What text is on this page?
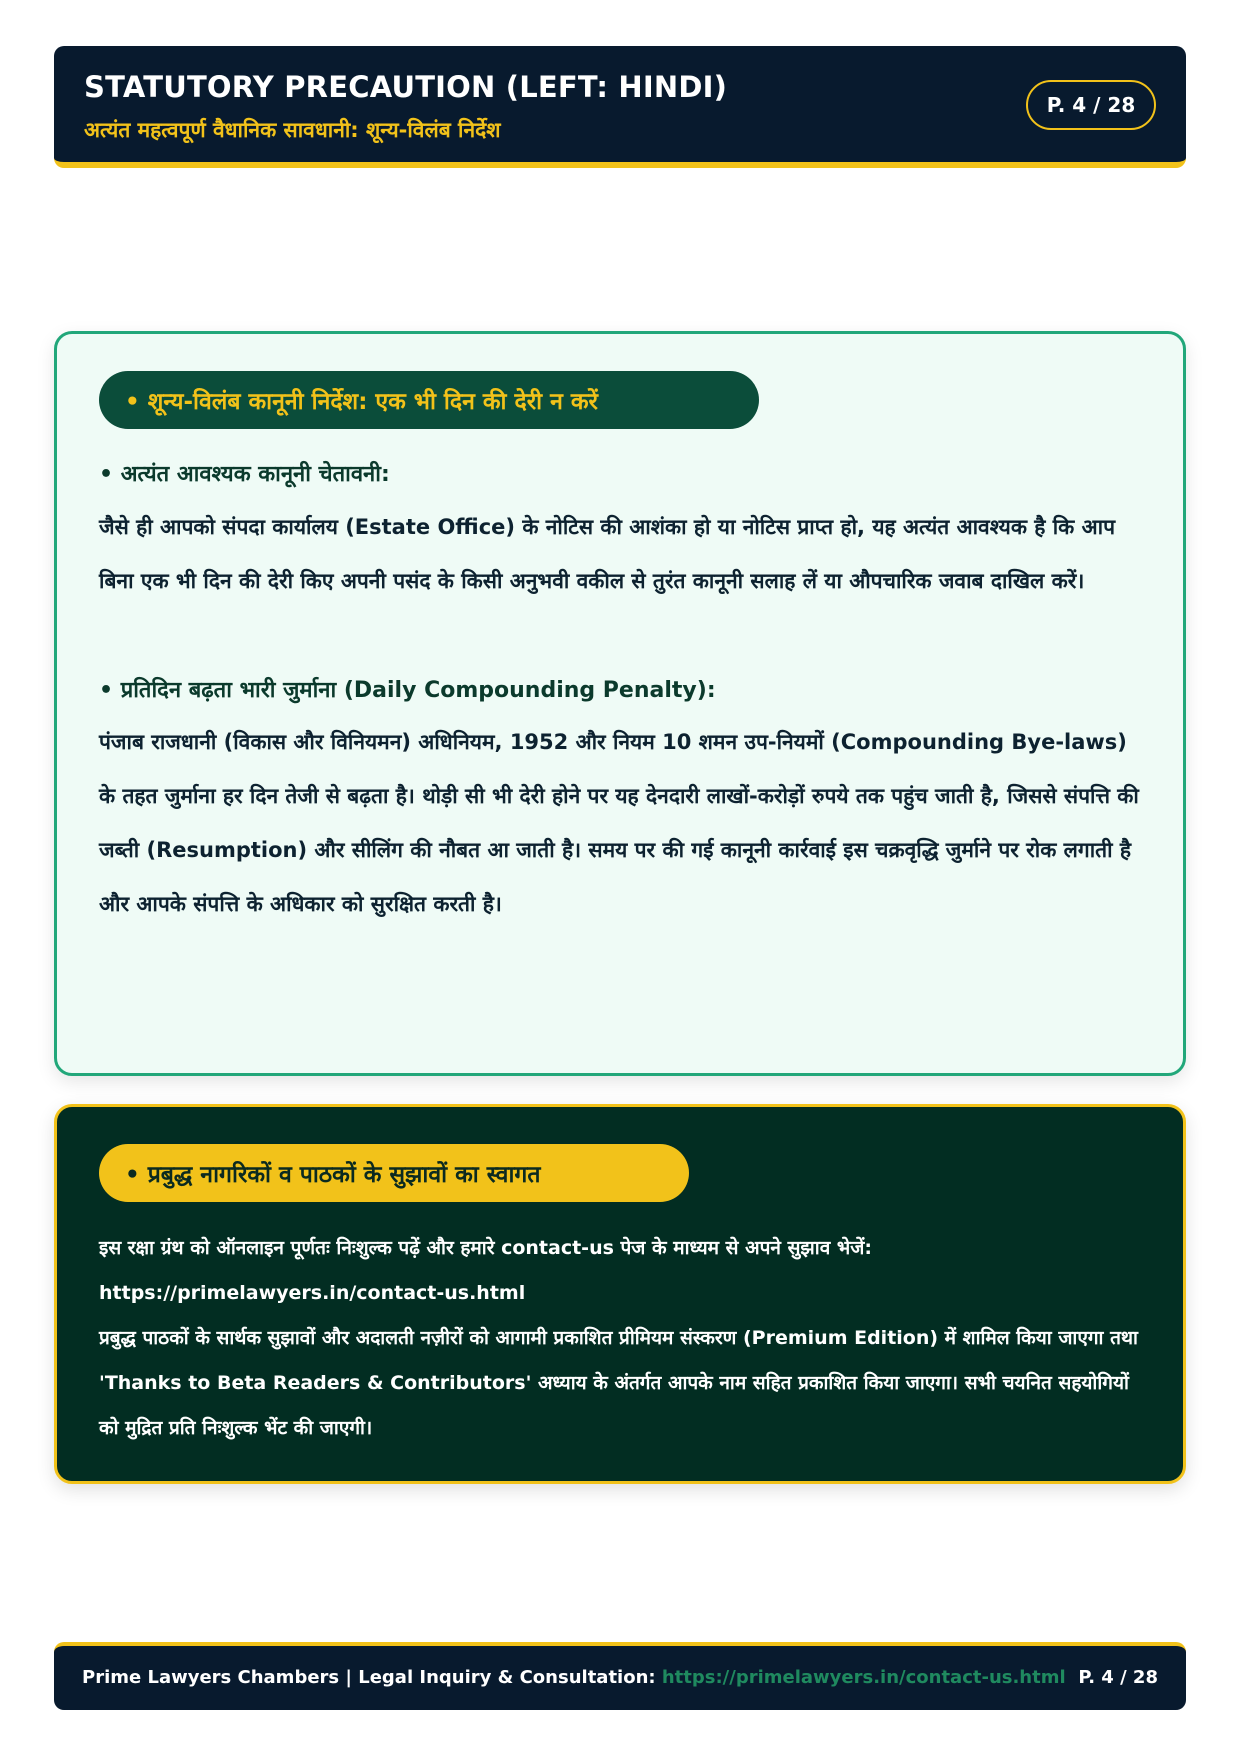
STATUTORY PRECAUTION (LEFT: HINDI)
अत्यंत महत्वपूर्ण वैधानिक सावधानी: शून्य-विलंब निर्देश
P. 4 / 28
• शून्य-विलंब कानूनी निर्देश: एक भी दिन की देरी न करें
• अत्यंत आवश्यक कानूनी चेतावनी:
जैसे ही आपको संपदा कार्यालय (Estate Office) के नोटिस की आशंका हो या नोटिस प्राप्त हो, यह अत्यंत आवश्यक है कि आप बिना एक भी दिन की देरी किए अपनी पसंद के किसी अनुभवी वकील से तुरंत कानूनी सलाह लें या औपचारिक जवाब दाखिल करें।
• प्रतिदिन बढ़ता भारी जुर्माना (Daily Compounding Penalty):
पंजाब राजधानी (विकास और विनियमन) अधिनियम, 1952 और नियम 10 शमन उप-नियमों (Compounding Bye-laws) के तहत जुर्माना हर दिन तेजी से बढ़ता है। थोड़ी सी भी देरी होने पर यह देनदारी लाखों-करोड़ों रुपये तक पहुंच जाती है, जिससे संपत्ति की जब्ती (Resumption) और सीलिंग की नौबत आ जाती है। समय पर की गई कानूनी कार्रवाई इस चक्रवृद्धि जुर्माने पर रोक लगाती है और आपके संपत्ति के अधिकार को सुरक्षित करती है।
• प्रबुद्ध नागरिकों व पाठकों के सुझावों का स्वागत
इस रक्षा ग्रंथ को ऑनलाइन पूर्णतः निःशुल्क पढ़ें और हमारे contact-us पेज के माध्यम से अपने सुझाव भेजें:
https://primelawyers.in/contact-us.html
प्रबुद्ध पाठकों के सार्थक सुझावों और अदालती नज़ीरों को आगामी प्रकाशित प्रीमियम संस्करण (Premium Edition) में शामिल किया जाएगा तथा 'Thanks to Beta Readers & Contributors' अध्याय के अंतर्गत आपके नाम सहित प्रकाशित किया जाएगा। सभी चयनित सहयोगियों को मुद्रित प्रति निःशुल्क भेंट की जाएगी।
Prime Lawyers Chambers | Legal Inquiry & Consultation: https://primelawyers.in/contact-us.html P. 4 / 28
